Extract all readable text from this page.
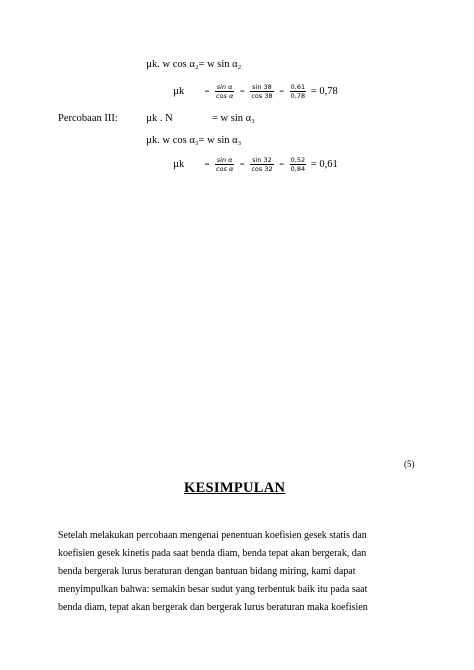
µk. w cos α₂= w sin α₂
$\mu k = \frac{\text{sin α}}{\text{cos α}} = \frac{\sin 38}{\cos 38} = \frac{0,61}{0,78} = 0,78$
Percobaan III:	µk . N	= w sin α₃
µk. w cos α₃= w sin α₃
$\mu k = \frac{\text{sin α}}{\text{cos α}} = \frac{\sin 32}{\cos 32} = \frac{0,52}{0,84} = 0,61$
(5)
KESIMPULAN
Setelah melakukan percobaan mengenai penentuan koefisien gesek statis dan
koefisien gesek kinetis pada saat benda diam, benda tepat akan bergerak, dan
benda bergerak lurus beraturan dengan bantuan bidang miring, kami dapat
menyimpulkan bahwa: semakin besar sudut yang terbentuk baik itu pada saat
benda diam, tepat akan bergerak dan bergerak lurus beraturan maka koefisien
